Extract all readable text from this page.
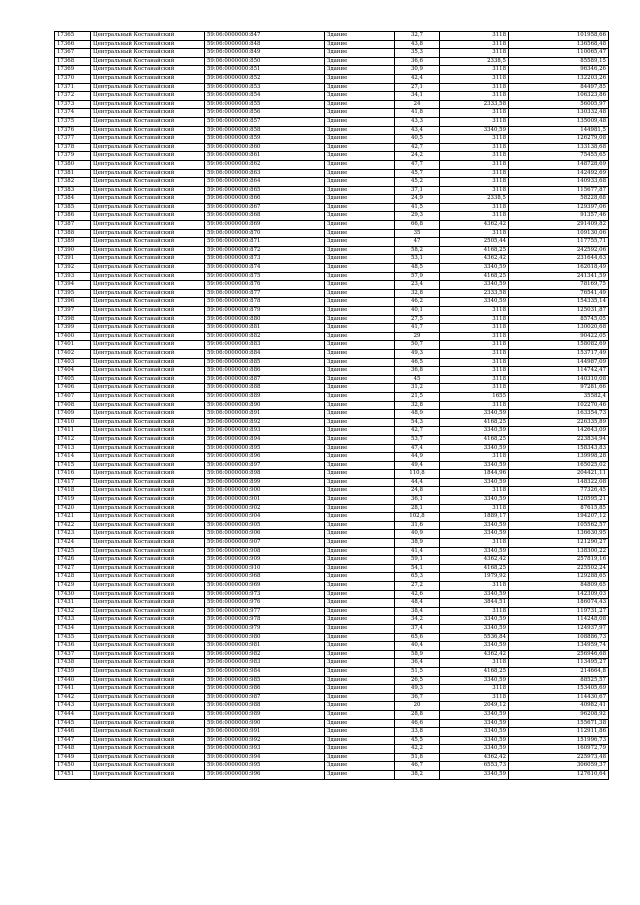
17365	Центральный Костанайский	59:06:0000000:847	Здание	32,7	3118	101958,66
17366	Центральный Костанайский	59:06:0000000:848	Здание	43,8	3118	136568,48
17367	Центральный Костанайский	59:06:0000000:849	Здание	35,3	3118	110065,47
17368	Центральный Костанайский	59:06:0000000:850	Здание	36,6	2338,5	85589,15
17369	Центральный Костанайский	59:06:0000000:851	Здание	30,9	3118	96346,26
17370	Центральный Костанайский	59:06:0000000:852	Здание	42,4	3118	132203,26
17371	Центральный Костанайский	59:06:0000000:853	Здание	27,1	3118	84497,85
17372	Центральный Костанайский	59:06:0000000:854	Здание	34,1	3118	106323,86
17373	Центральный Костанайский	59:06:0000000:855	Здание	24	2333,58	56005,97
17374	Центральный Костанайский	59:06:0000000:856	Здание	41,8	3118	130332,48
17375	Центральный Костанайский	59:06:0000000:857	Здание	43,3	3118	135009,48
17376	Центральный Костанайский	59:06:0000000:858	Здание	43,4	3340,59	144981,5
17377	Центральный Костанайский	59:06:0000000:859	Здание	40,5	3118	126279,08
17378	Центральный Костанайский	59:06:0000000:860	Здание	42,7	3118	133138,68
17379	Центральный Костанайский	59:06:0000000:861	Здание	24,2	3118	75455,65
17380	Центральный Костанайский	59:06:0000000:862	Здание	47,7	3118	148728,69
17381	Центральный Костанайский	59:06:0000000:863	Здание	45,7	3118	142492,69
17382	Центральный Костанайский	59:06:0000000:864	Здание	45,2	3118	140933,68
17383	Центральный Костанайский	59:06:0000000:865	Здание	37,1	3118	115677,87
17384	Центральный Костанайский	59:06:0000000:866	Здание	24,9	2338,5	58228,68
17385	Центральный Костанайский	59:06:0000000:867	Здание	41,5	3118	129397,06
17386	Центральный Костанайский	59:06:0000000:868	Здание	29,3	3118	91357,46
17387	Центральный Костанайский	59:06:0000000:869	Здание	66,8	4362,42	291409,82
17388	Центральный Костанайский	59:06:0000000:870	Здание	35	3118	109130,06
17389	Центральный Костанайский	59:06:0000000:871	Здание	47	2505,44	117755,71
17390	Центральный Костанайский	59:06:0000000:872	Здание	58,2	4168,25	242592,06
17391	Центральный Костанайский	59:06:0000000:873	Здание	53,1	4362,42	231644,63
17392	Центральный Костанайский	59:06:0000000:874	Здание	48,5	3340,59	162018,49
17393	Центральный Костанайский	59:06:0000000:875	Здание	57,9	4168,25	241341,59
17394	Центральный Костанайский	59:06:0000000:876	Здание	23,4	3340,59	78169,75
17395	Центральный Костанайский	59:06:0000000:877	Здание	32,8	2333,58	76541,49
17396	Центральный Костанайский	59:06:0000000:878	Здание	46,2	3340,59	154335,14
17397	Центральный Костанайский	59:06:0000000:879	Здание	40,1	3118	125031,87
17398	Центральный Костанайский	59:06:0000000:880	Здание	27,5	3118	85745,05
17399	Центральный Костанайский	59:06:0000000:881	Здание	41,7	3118	130020,68
17400	Центральный Костанайский	59:06:0000000:882	Здание	29	3118	90422,05
17401	Центральный Костанайский	59:06:0000000:883	Здание	50,7	3118	158082,69
17402	Центральный Костанайский	59:06:0000000:884	Здание	49,3	3118	153717,49
17403	Центральный Костанайский	59:06:0000000:885	Здание	46,5	3118	144987,09
17404	Центральный Костанайский	59:06:0000000:886	Здание	36,8	3118	114742,47
17405	Центральный Костанайский	59:06:0000000:887	Здание	45	3118	140310,08
17406	Центральный Костанайский	59:06:0000000:888	Здание	31,2	3118	97281,66
17407	Центральный Костанайский	59:06:0000000:889	Здание	21,5	1655	35582,4
17408	Центральный Костанайский	59:06:0000000:890	Здание	32,8	3118	102270,46
17409	Центральный Костанайский	59:06:0000000:891	Здание	48,9	3340,59	163354,73
17410	Центральный Костанайский	59:06:0000000:892	Здание	54,3	4168,25	226335,89
17411	Центральный Костанайский	59:06:0000000:893	Здание	42,7	3340,59	142643,09
17412	Центральный Костанайский	59:06:0000000:894	Здание	53,7	4168,25	223834,94
17413	Центральный Костанайский	59:06:0000000:895	Здание	47,4	3340,59	158343,83
17414	Центральный Костанайский	59:06:0000000:896	Здание	44,9	3118	139998,28
17415	Центральный Костанайский	59:06:0000000:897	Здание	49,4	3340,59	165025,02
17416	Центральный Костанайский	59:06:0000000:898	Здание	110,8	1844,96	204421,11
17417	Центральный Костанайский	59:06:0000000:899	Здание	44,4	3340,59	148322,08
17418	Центральный Костанайский	59:06:0000000:900	Здание	24,8	3118	77326,45
17419	Центральный Костанайский	59:06:0000000:901	Здание	36,1	3340,59	120595,21
17420	Центральный Костанайский	59:06:0000000:902	Здание	28,1	3118	87615,85
17421	Центральный Костанайский	59:06:0000000:904	Здание	102,8	1889,17	194207,12
17422	Центральный Костанайский	59:06:0000000:905	Здание	31,6	3340,59	105562,57
17423	Центральный Костанайский	59:06:0000000:906	Здание	40,9	3340,59	136630,95
17424	Центральный Костанайский	59:06:0000000:907	Здание	38,9	3118	121290,27
17425	Центральный Костанайский	59:06:0000000:908	Здание	41,4	3340,59	138300,22
17426	Центральный Костанайский	59:06:0000000:909	Здание	59,1	4362,42	257819,16
17427	Центральный Костанайский	59:06:0000000:910	Здание	54,1	4168,25	225502,24
17428	Центральный Костанайский	59:06:0000000:968	Здание	65,3	1979,92	129288,65
17429	Центральный Костанайский	59:06:0000000:969	Здание	27,2	3118	84809,65
17430	Центральный Костанайский	59:06:0000000:973	Здание	42,6	3340,59	142309,03
17431	Центральный Костанайский	59:06:0000000:976	Здание	48,4	3844,51	186074,43
17432	Центральный Костанайский	59:06:0000000:977	Здание	38,4	3118	119731,27
17433	Центральный Костанайский	59:06:0000000:978	Здание	34,2	3340,59	114248,08
17434	Центральный Костанайский	59:06:0000000:979	Здание	37,4	3340,59	124937,97
17435	Центральный Костанайский	59:06:0000000:980	Здание	65,6	5536,84	108886,73
17436	Центральный Костанайский	59:06:0000000:981	Здание	40,4	3340,59	134959,74
17437	Центральный Костанайский	59:06:0000000:982	Здание	58,9	4362,42	256946,68
17438	Центральный Костанайский	59:06:0000000:983	Здание	36,4	3118	113495,27
17439	Центральный Костанайский	59:06:0000000:984	Здание	51,5	4168,25	214664,8
17440	Центральный Костанайский	59:06:0000000:985	Здание	26,5	3340,59	88525,57
17441	Центральный Костанайский	59:06:0000000:986	Здание	49,3	3118	153405,69
17442	Центральный Костанайский	59:06:0000000:987	Здание	36,7	3118	114430,67
17443	Центральный Костанайский	59:06:0000000:988	Здание	20	2049,12	40982,41
17444	Центральный Костанайский	59:06:0000000:989	Здание	28,8	3340,59	96208,92
17445	Центральный Костанайский	59:06:0000000:990	Здание	46,6	3340,59	155671,38
17446	Центральный Костанайский	59:06:0000000:991	Здание	33,8	3340,59	112911,86
17447	Центральный Костанайский	59:06:0000000:992	Здание	45,5	3340,59	151996,73
17448	Центральный Костанайский	59:06:0000000:993	Здание	42,2	3340,59	160972,79
17449	Центральный Костанайский	59:06:0000000:994	Здание	51,8	4362,42	225973,48
17450	Центральный Костанайский	59:06:0000000:995	Здание	46,7	6553,73	306059,37
17451	Центральный Костанайский	59:06:0000000:996	Здание	38,2	3340,59	127610,64
